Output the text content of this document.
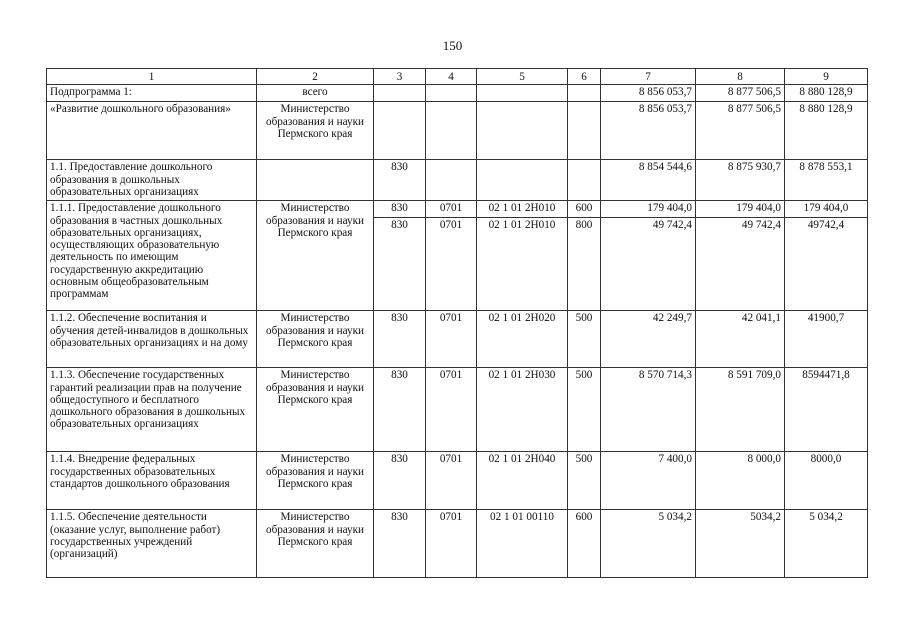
150
1	2	3	4	5	6	7	8	9
Подпрограмма 1:	всего					8 856 053,7	8 877 506,5	8 880 128,9
«Развитие дошкольного образования»	Министерство образования и науки Пермского края					8 856 053,7	8 877 506,5	8 880 128,9
1.1. Предоставление дошкольного образования в дошкольных образовательных организациях		830				8 854 544,6	8 875 930,7	8 878 553,1
1.1.1. Предоставление дошкольного образования в частных дошкольных образовательных организациях, осуществляющих образовательную деятельность по имеющим государственную аккредитацию основным общеобразовательным программам	Министерство образования и науки Пермского края	830	0701	02 1 01 2Н010	600	179 404,0	179 404,0	179 404,0
		830	0701	02 1 01 2Н010	800	49 742,4	49 742,4	49742,4
1.1.2. Обеспечение воспитания и обучения детей-инвалидов в дошкольных образовательных организациях и на дому	Министерство образования и науки Пермского края	830	0701	02 1 01 2Н020	500	42 249,7	42 041,1	41900,7
1.1.3. Обеспечение государственных гарантий реализации прав на получение общедоступного и бесплатного дошкольного образования в дошкольных образовательных организациях	Министерство образования и науки Пермского края	830	0701	02 1 01 2Н030	500	8 570 714,3	8 591 709,0	8594471,8
1.1.4. Внедрение федеральных государственных образовательных стандартов дошкольного образования	Министерство образования и науки Пермского края	830	0701	02 1 01 2Н040	500	7 400,0	8 000,0	8000,0
1.1.5. Обеспечение деятельности (оказание услуг, выполнение работ) государственных учреждений (организаций)	Министерство образования и науки Пермского края	830	0701	02 1 01 00110	600	5 034,2	5034,2	5 034,2
